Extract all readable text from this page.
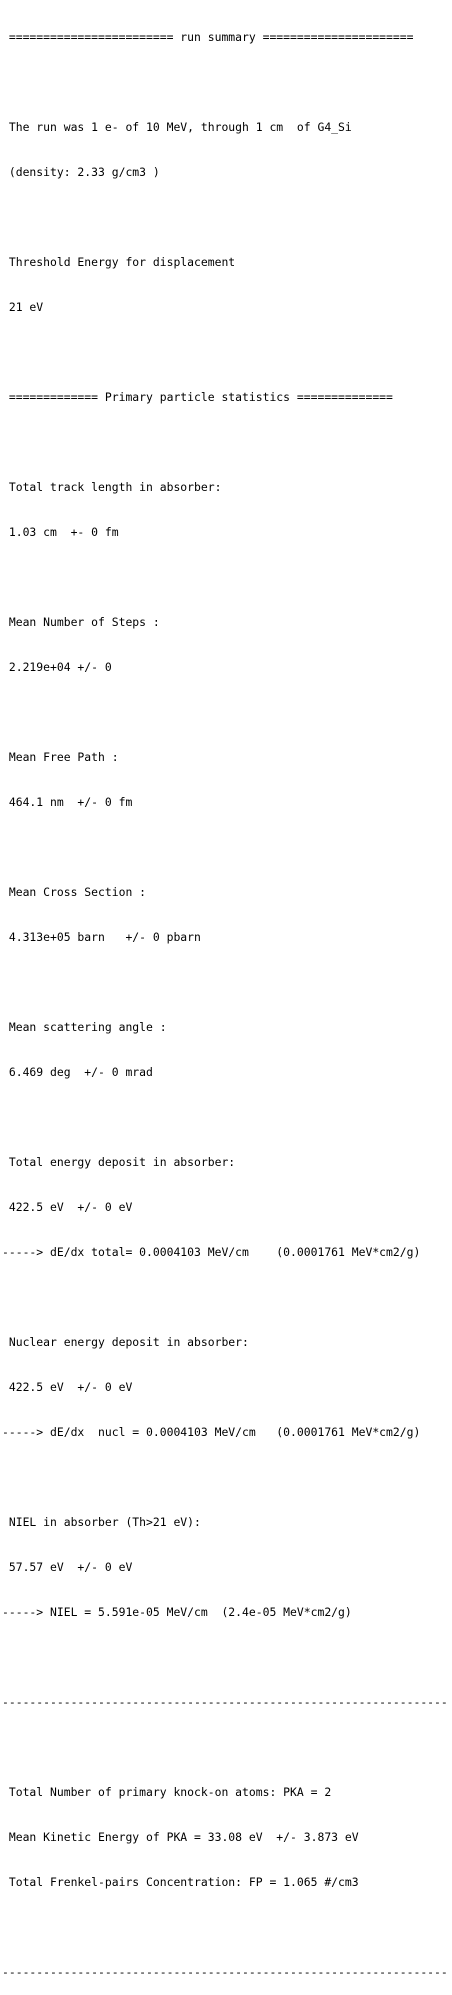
======================== run summary ======================

The run was 1 e- of 10 MeV, through 1 cm  of G4_Si

(density: 2.33 g/cm3 )

Threshold Energy for displacement

21 eV

============= Primary particle statistics ==============

Total track length in absorber:

1.03 cm  +- 0 fm

Mean Number of Steps :

2.219e+04 +/- 0

Mean Free Path :

464.1 nm  +/- 0 fm

Mean Cross Section :

4.313e+05 barn   +/- 0 pbarn

Mean scattering angle :

6.469 deg  +/- 0 mrad

Total energy deposit in absorber:

422.5 eV  +/- 0 eV

-----> dE/dx total= 0.0004103 MeV/cm    (0.0001761 MeV*cm2/g)

Nuclear energy deposit in absorber:

422.5 eV  +/- 0 eV

-----> dE/dx  nucl = 0.0004103 MeV/cm   (0.0001761 MeV*cm2/g)

NIEL in absorber (Th>21 eV):

57.57 eV  +/- 0 eV

-----> NIEL = 5.591e-05 MeV/cm  (2.4e-05 MeV*cm2/g)

-----------------------------------------------------------------

Total Number of primary knock-on atoms: PKA = 2

Mean Kinetic Energy of PKA = 33.08 eV  +/- 3.873 eV

Total Frenkel-pairs Concentration: FP = 1.065 #/cm3

-----------------------------------------------------------------
